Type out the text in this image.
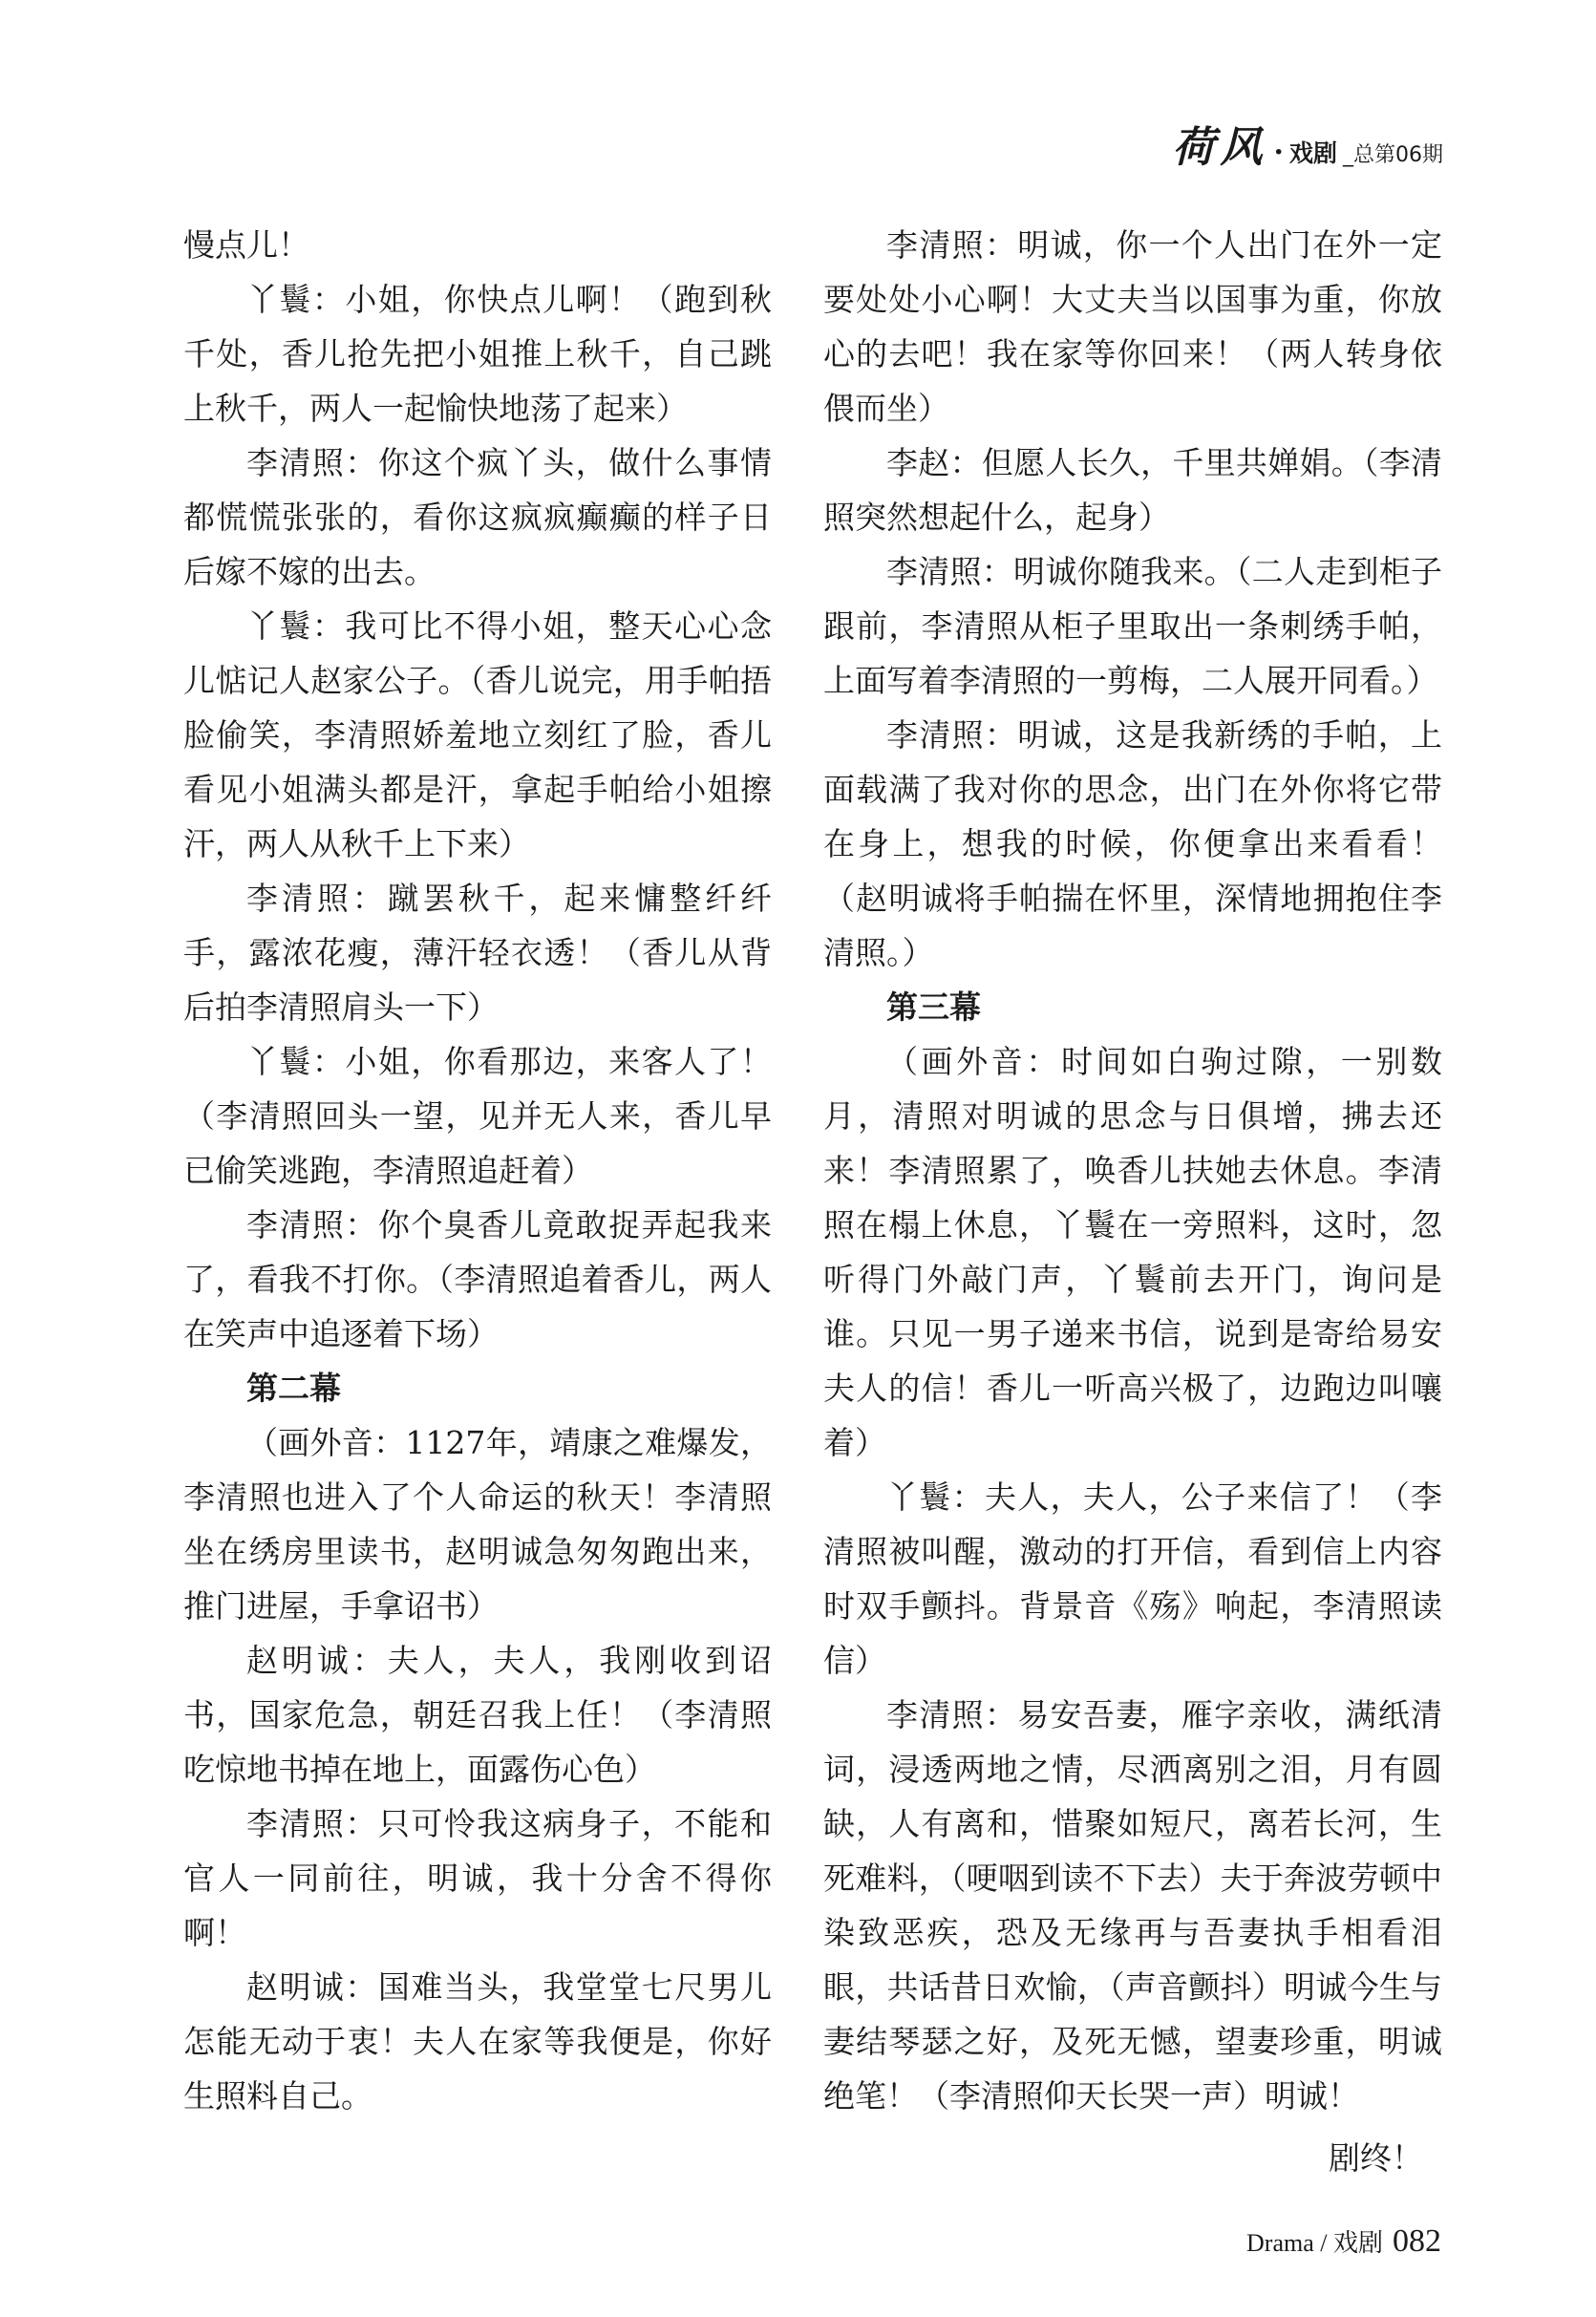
荷风 · 戏剧 _总第06期

慢点儿！

丫鬟：小姐，你快点儿啊！（跑到秋千处，香儿抢先把小姐推上秋千，自己跳上秋千，两人一起愉快地荡了起来）

李清照：你这个疯丫头，做什么事情都慌慌张张的，看你这疯疯癫癫的样子日后嫁不嫁的出去。

丫鬟：我可比不得小姐，整天心心念儿惦记人赵家公子。（香儿说完，用手帕捂脸偷笑，李清照娇羞地立刻红了脸，香儿看见小姐满头都是汗，拿起手帕给小姐擦汗，两人从秋千上下来）

李清照：蹴罢秋千，起来慵整纤纤手，露浓花瘦，薄汗轻衣透！（香儿从背后拍李清照肩头一下）

丫鬟：小姐，你看那边，来客人了！（李清照回头一望，见并无人来，香儿早已偷笑逃跑，李清照追赶着）

李清照：你个臭香儿竟敢捉弄起我来了，看我不打你。（李清照追着香儿，两人在笑声中追逐着下场）

第二幕

（画外音：1127年，靖康之难爆发，李清照也进入了个人命运的秋天！李清照坐在绣房里读书，赵明诚急匆匆跑出来，推门进屋，手拿诏书）

赵明诚：夫人，夫人，我刚收到诏书，国家危急，朝廷召我上任！（李清照吃惊地书掉在地上，面露伤心色）

李清照：只可怜我这病身子，不能和官人一同前往，明诚，我十分舍不得你啊！

赵明诚：国难当头，我堂堂七尺男儿怎能无动于衷！夫人在家等我便是，你好生照料自己。

李清照：明诚，你一个人出门在外一定要处处小心啊！大丈夫当以国事为重，你放心的去吧！我在家等你回来！（两人转身依偎而坐）

李赵：但愿人长久，千里共婵娟。（李清照突然想起什么，起身）

李清照：明诚你随我来。（二人走到柜子跟前，李清照从柜子里取出一条刺绣手帕，上面写着李清照的一剪梅，二人展开同看。）

李清照：明诚，这是我新绣的手帕，上面载满了我对你的思念，出门在外你将它带在身上，想我的时候，你便拿出来看看！（赵明诚将手帕揣在怀里，深情地拥抱住李清照。）

第三幕

（画外音：时间如白驹过隙，一别数月，清照对明诚的思念与日俱增，拂去还来！李清照累了，唤香儿扶她去休息。李清照在榻上休息，丫鬟在一旁照料，这时，忽听得门外敲门声，丫鬟前去开门，询问是谁。只见一男子递来书信，说到是寄给易安夫人的信！香儿一听高兴极了，边跑边叫嚷着）

丫鬟：夫人，夫人，公子来信了！（李清照被叫醒，激动的打开信，看到信上内容时双手颤抖。背景音《殇》响起，李清照读信）

李清照：易安吾妻，雁字亲收，满纸清词，浸透两地之情，尽洒离别之泪，月有圆缺，人有离和，惜聚如短尺，离若长河，生死难料，（哽咽到读不下去）夫于奔波劳顿中染致恶疾，恐及无缘再与吾妻执手相看泪眼，共话昔日欢愉，（声音颤抖）明诚今生与妻结琴瑟之好，及死无憾，望妻珍重，明诚绝笔！（李清照仰天长哭一声）明诚！

剧终！

Drama / 戏剧 082
